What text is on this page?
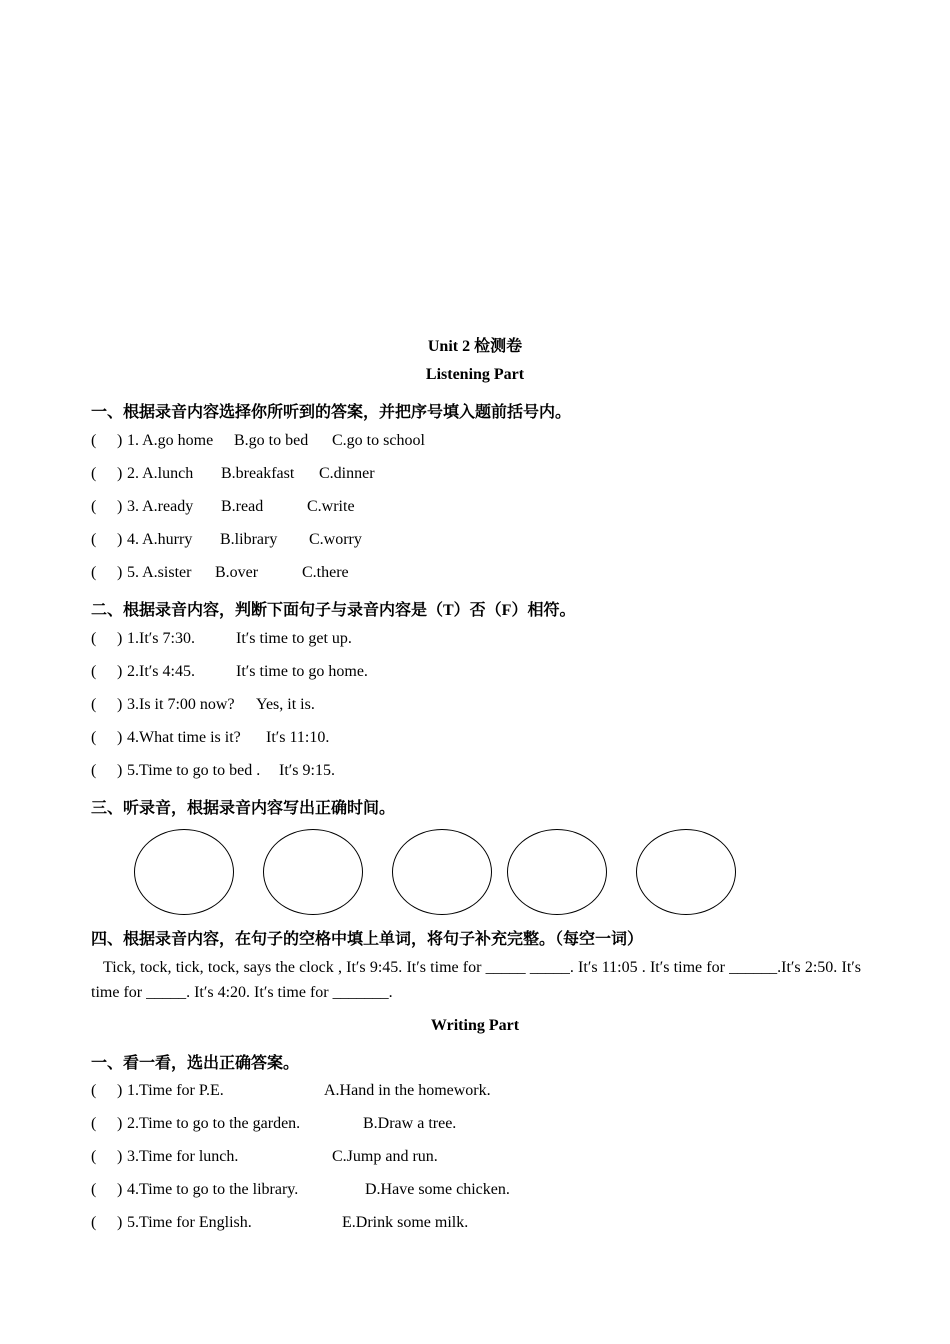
Unit 2 检测卷
Listening Part
一、根据录音内容选择你所听到的答案，并把序号填入题前括号内。
( ) 1. A.go home B.go to bed C.go to school
( ) 2. A.lunch B.breakfast C.dinner
( ) 3. A.ready B.read	C.write
( ) 4. A.hurry B.library C.worry
( ) 5. A.sister B.over	C.there
二、根据录音内容，判断下面句子与录音内容是（T）否（F）相符。
( ) 1.It′s 7:30.	It′s time to get up.
( ) 2.It′s 4:45.	It′s time to go home.
( ) 3.Is it 7:00 now? Yes, it is.
( ) 4.What time is it? It′s 11:10.
( ) 5.Time to go to bed . It′s 9:15.
三、听录音，根据录音内容写出正确时间。
四、根据录音内容，在句子的空格中填上单词，将句子补充完整。（每空一词）
Tick, tock, tick, tock, says the clock , It′s 9:45. It′s time for _____ _____. It′s 11:05 . It′s time for ______.It′s 2:50. It′s time for _____. It′s 4:20. It′s time for _______.
Writing Part
一、看一看，选出正确答案。
( ) 1.Time for P.E.	A.Hand in the homework.
( ) 2.Time to go to the garden.	B.Draw a tree.
( ) 3.Time for lunch.	C.Jump and run.
( ) 4.Time to go to the library.	D.Have some chicken.
( ) 5.Time for English.	E.Drink some milk.
